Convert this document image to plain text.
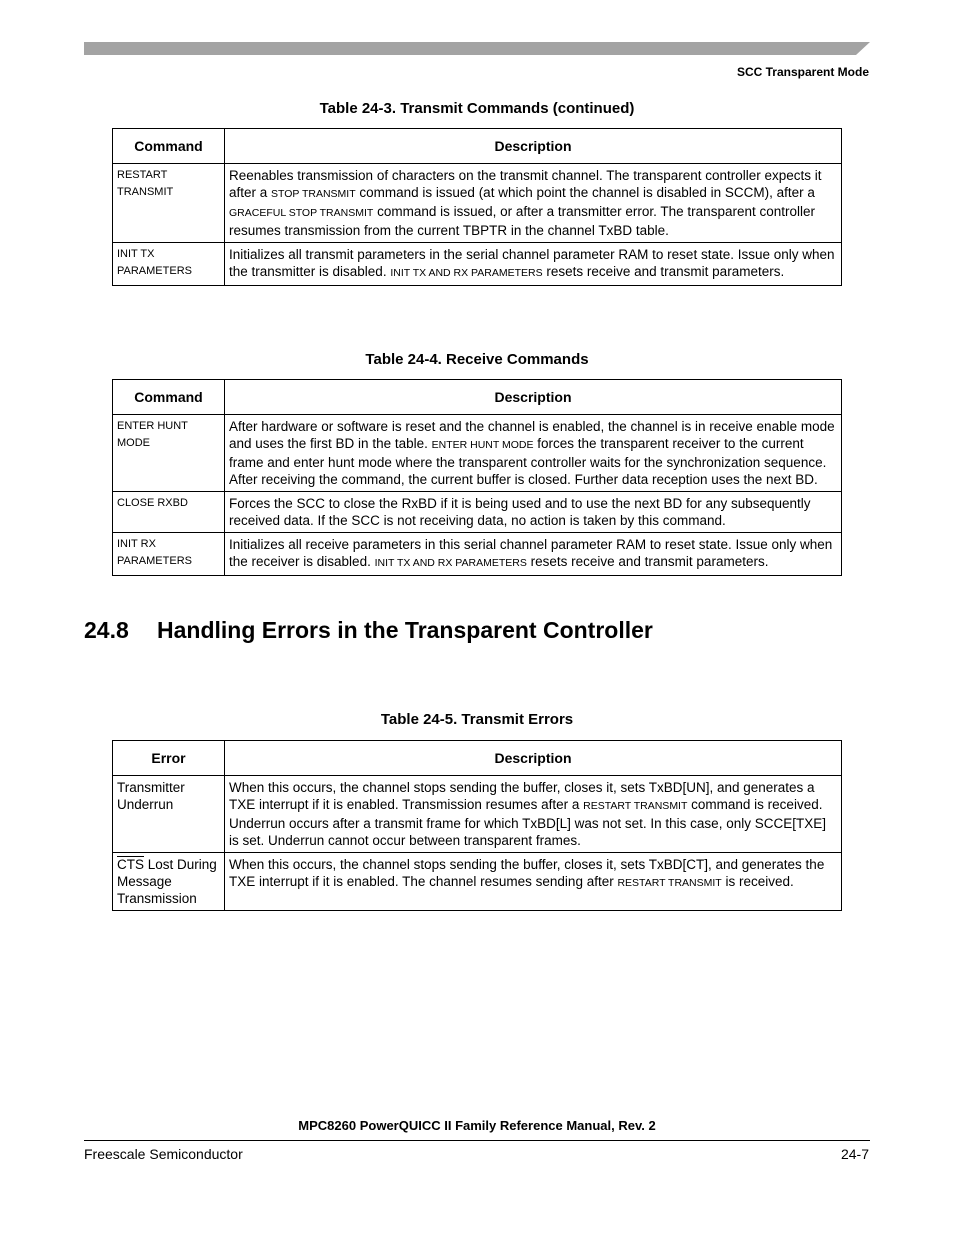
SCC Transparent Mode
Table 24-3. Transmit Commands (continued)
Command	Description
RESTART
TRANSMIT	Reenables transmission of characters on the transmit channel. The transparent controller expects it after a STOP TRANSMIT command is issued (at which point the channel is disabled in SCCM), after a GRACEFUL STOP TRANSMIT command is issued, or after a transmitter error. The transparent controller resumes transmission from the current TBPTR in the channel TxBD table.
INIT TX
PARAMETERS	Initializes all transmit parameters in the serial channel parameter RAM to reset state. Issue only when the transmitter is disabled. INIT TX AND RX PARAMETERS resets receive and transmit parameters.
Table 24-4. Receive Commands
Command	Description
ENTER HUNT
MODE	After hardware or software is reset and the channel is enabled, the channel is in receive enable mode and uses the first BD in the table. ENTER HUNT MODE forces the transparent receiver to the current frame and enter hunt mode where the transparent controller waits for the synchronization sequence. After receiving the command, the current buffer is closed. Further data reception uses the next BD.
CLOSE RXBD	Forces the SCC to close the RxBD if it is being used and to use the next BD for any subsequently received data. If the SCC is not receiving data, no action is taken by this command.
INIT RX
PARAMETERS	Initializes all receive parameters in this serial channel parameter RAM to reset state. Issue only when the receiver is disabled. INIT TX AND RX PARAMETERS resets receive and transmit parameters.
24.8 Handling Errors in the Transparent Controller
Table 24-5. Transmit Errors
Error	Description
Transmitter
Underrun	When this occurs, the channel stops sending the buffer, closes it, sets TxBD[UN], and generates a TXE interrupt if it is enabled. Transmission resumes after a RESTART TRANSMIT command is received. Underrun occurs after a transmit frame for which TxBD[L] was not set. In this case, only SCCE[TXE] is set. Underrun cannot occur between transparent frames.
$\overline{CTS}$ Lost During
Message
Transmission	When this occurs, the channel stops sending the buffer, closes it, sets TxBD[CT], and generates the TXE interrupt if it is enabled. The channel resumes sending after RESTART TRANSMIT is received.
MPC8260 PowerQUICC II Family Reference Manual, Rev. 2
Freescale Semiconductor	24-7
